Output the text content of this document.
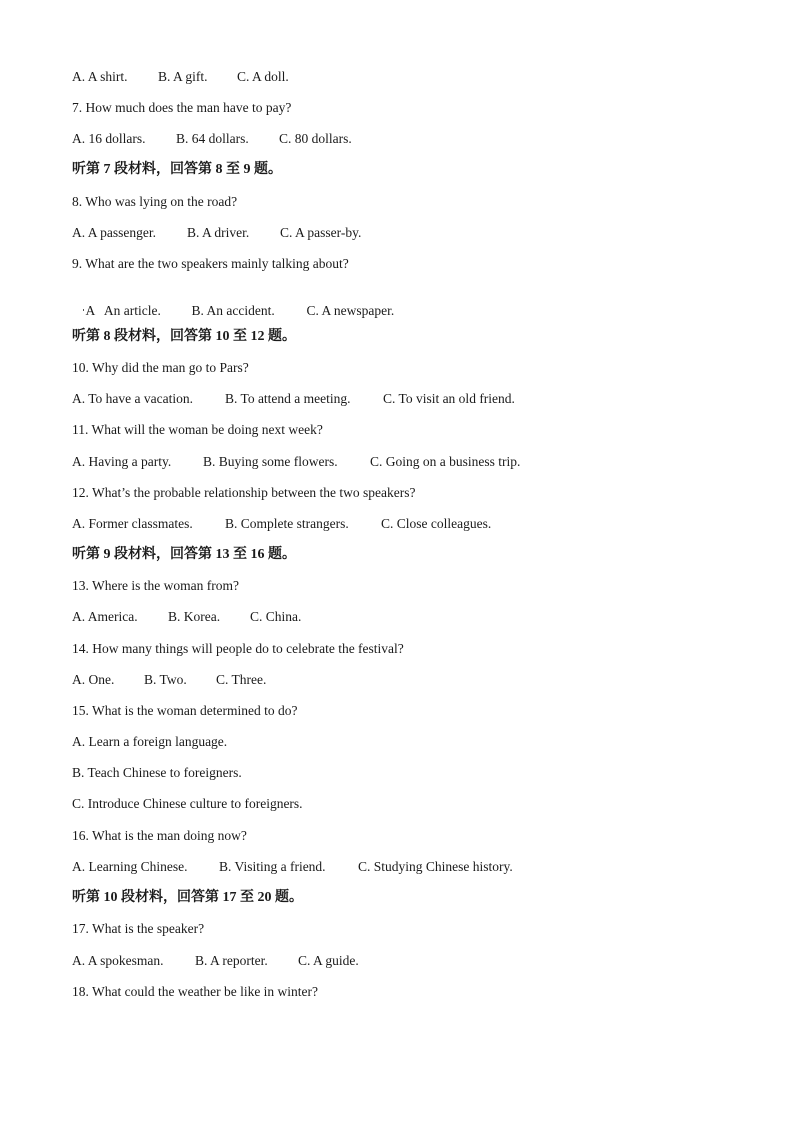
A. A shirt. B. A gift. C. A doll.
7. How much does the man have to pay?
A. 16 dollars. B. 64 dollars. C. 80 dollars.
听第 7 段材料，回答第 8 至 9 题。
8. Who was lying on the road?
A. A passenger. B. A driver. C. A passer-by.
9. What are the two speakers mainly talking about?

A   An article. B. An accident. C. A newspaper.

听第 8 段材料，回答第 10 至 12 题。
10. Why did the man go to Pars?
A. To have a vacation. B. To attend a meeting. C. To visit an old friend.
11. What will the woman be doing next week?
A. Having a party. B. Buying some flowers. C. Going on a business trip.
12. What’s the probable relationship between the two speakers?
A. Former classmates. B. Complete strangers. C. Close colleagues.
听第 9 段材料，回答第 13 至 16 题。
13. Where is the woman from?
A. America. B. Korea. C. China.
14. How many things will people do to celebrate the festival?
A. One. B. Two. C. Three.
15. What is the woman determined to do?
A. Learn a foreign language.
B. Teach Chinese to foreigners.
C. Introduce Chinese culture to foreigners.
16. What is the man doing now?
A. Learning Chinese. B. Visiting a friend. C. Studying Chinese history.
听第 10 段材料，回答第 17 至 20 题。
17. What is the speaker?
A. A spokesman. B. A reporter. C. A guide.
18. What could the weather be like in winter?
